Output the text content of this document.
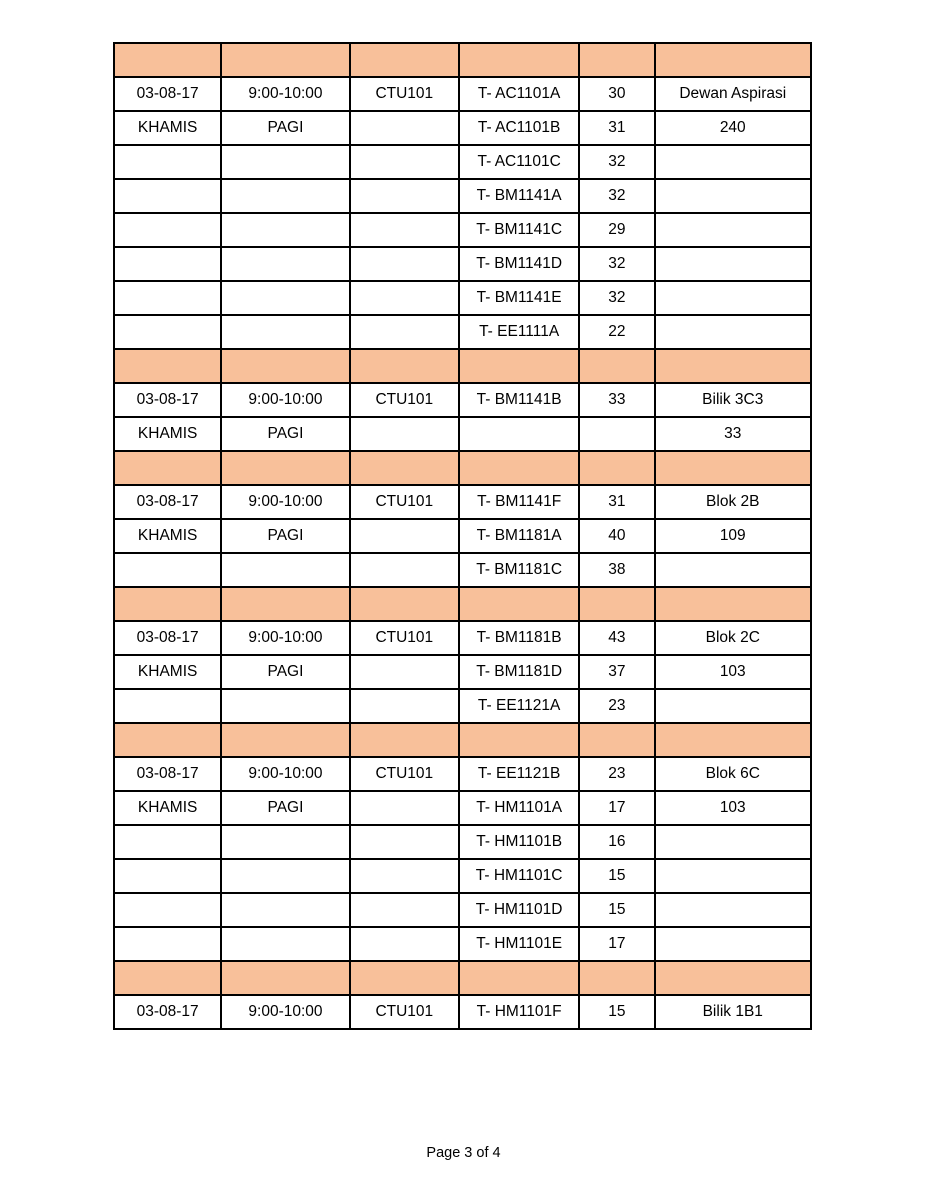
03-08-17	9:00-10:00	CTU101	T- AC1101A	30	Dewan Aspirasi
KHAMIS	PAGI		T- AC1101B	31	240
			T- AC1101C	32	
			T- BM1141A	32	
			T- BM1141C	29	
			T- BM1141D	32	
			T- BM1141E	32	
			T- EE1111A	22	

03-08-17	9:00-10:00	CTU101	T- BM1141B	33	Bilik 3C3
KHAMIS	PAGI				33

03-08-17	9:00-10:00	CTU101	T- BM1141F	31	Blok 2B
KHAMIS	PAGI		T- BM1181A	40	109
			T- BM1181C	38	

03-08-17	9:00-10:00	CTU101	T- BM1181B	43	Blok 2C
KHAMIS	PAGI		T- BM1181D	37	103
			T- EE1121A	23	

03-08-17	9:00-10:00	CTU101	T- EE1121B	23	Blok 6C
KHAMIS	PAGI		T- HM1101A	17	103
			T- HM1101B	16	
			T- HM1101C	15	
			T- HM1101D	15	
			T- HM1101E	17	

03-08-17	9:00-10:00	CTU101	T- HM1101F	15	Bilik 1B1
Page 3 of 4
